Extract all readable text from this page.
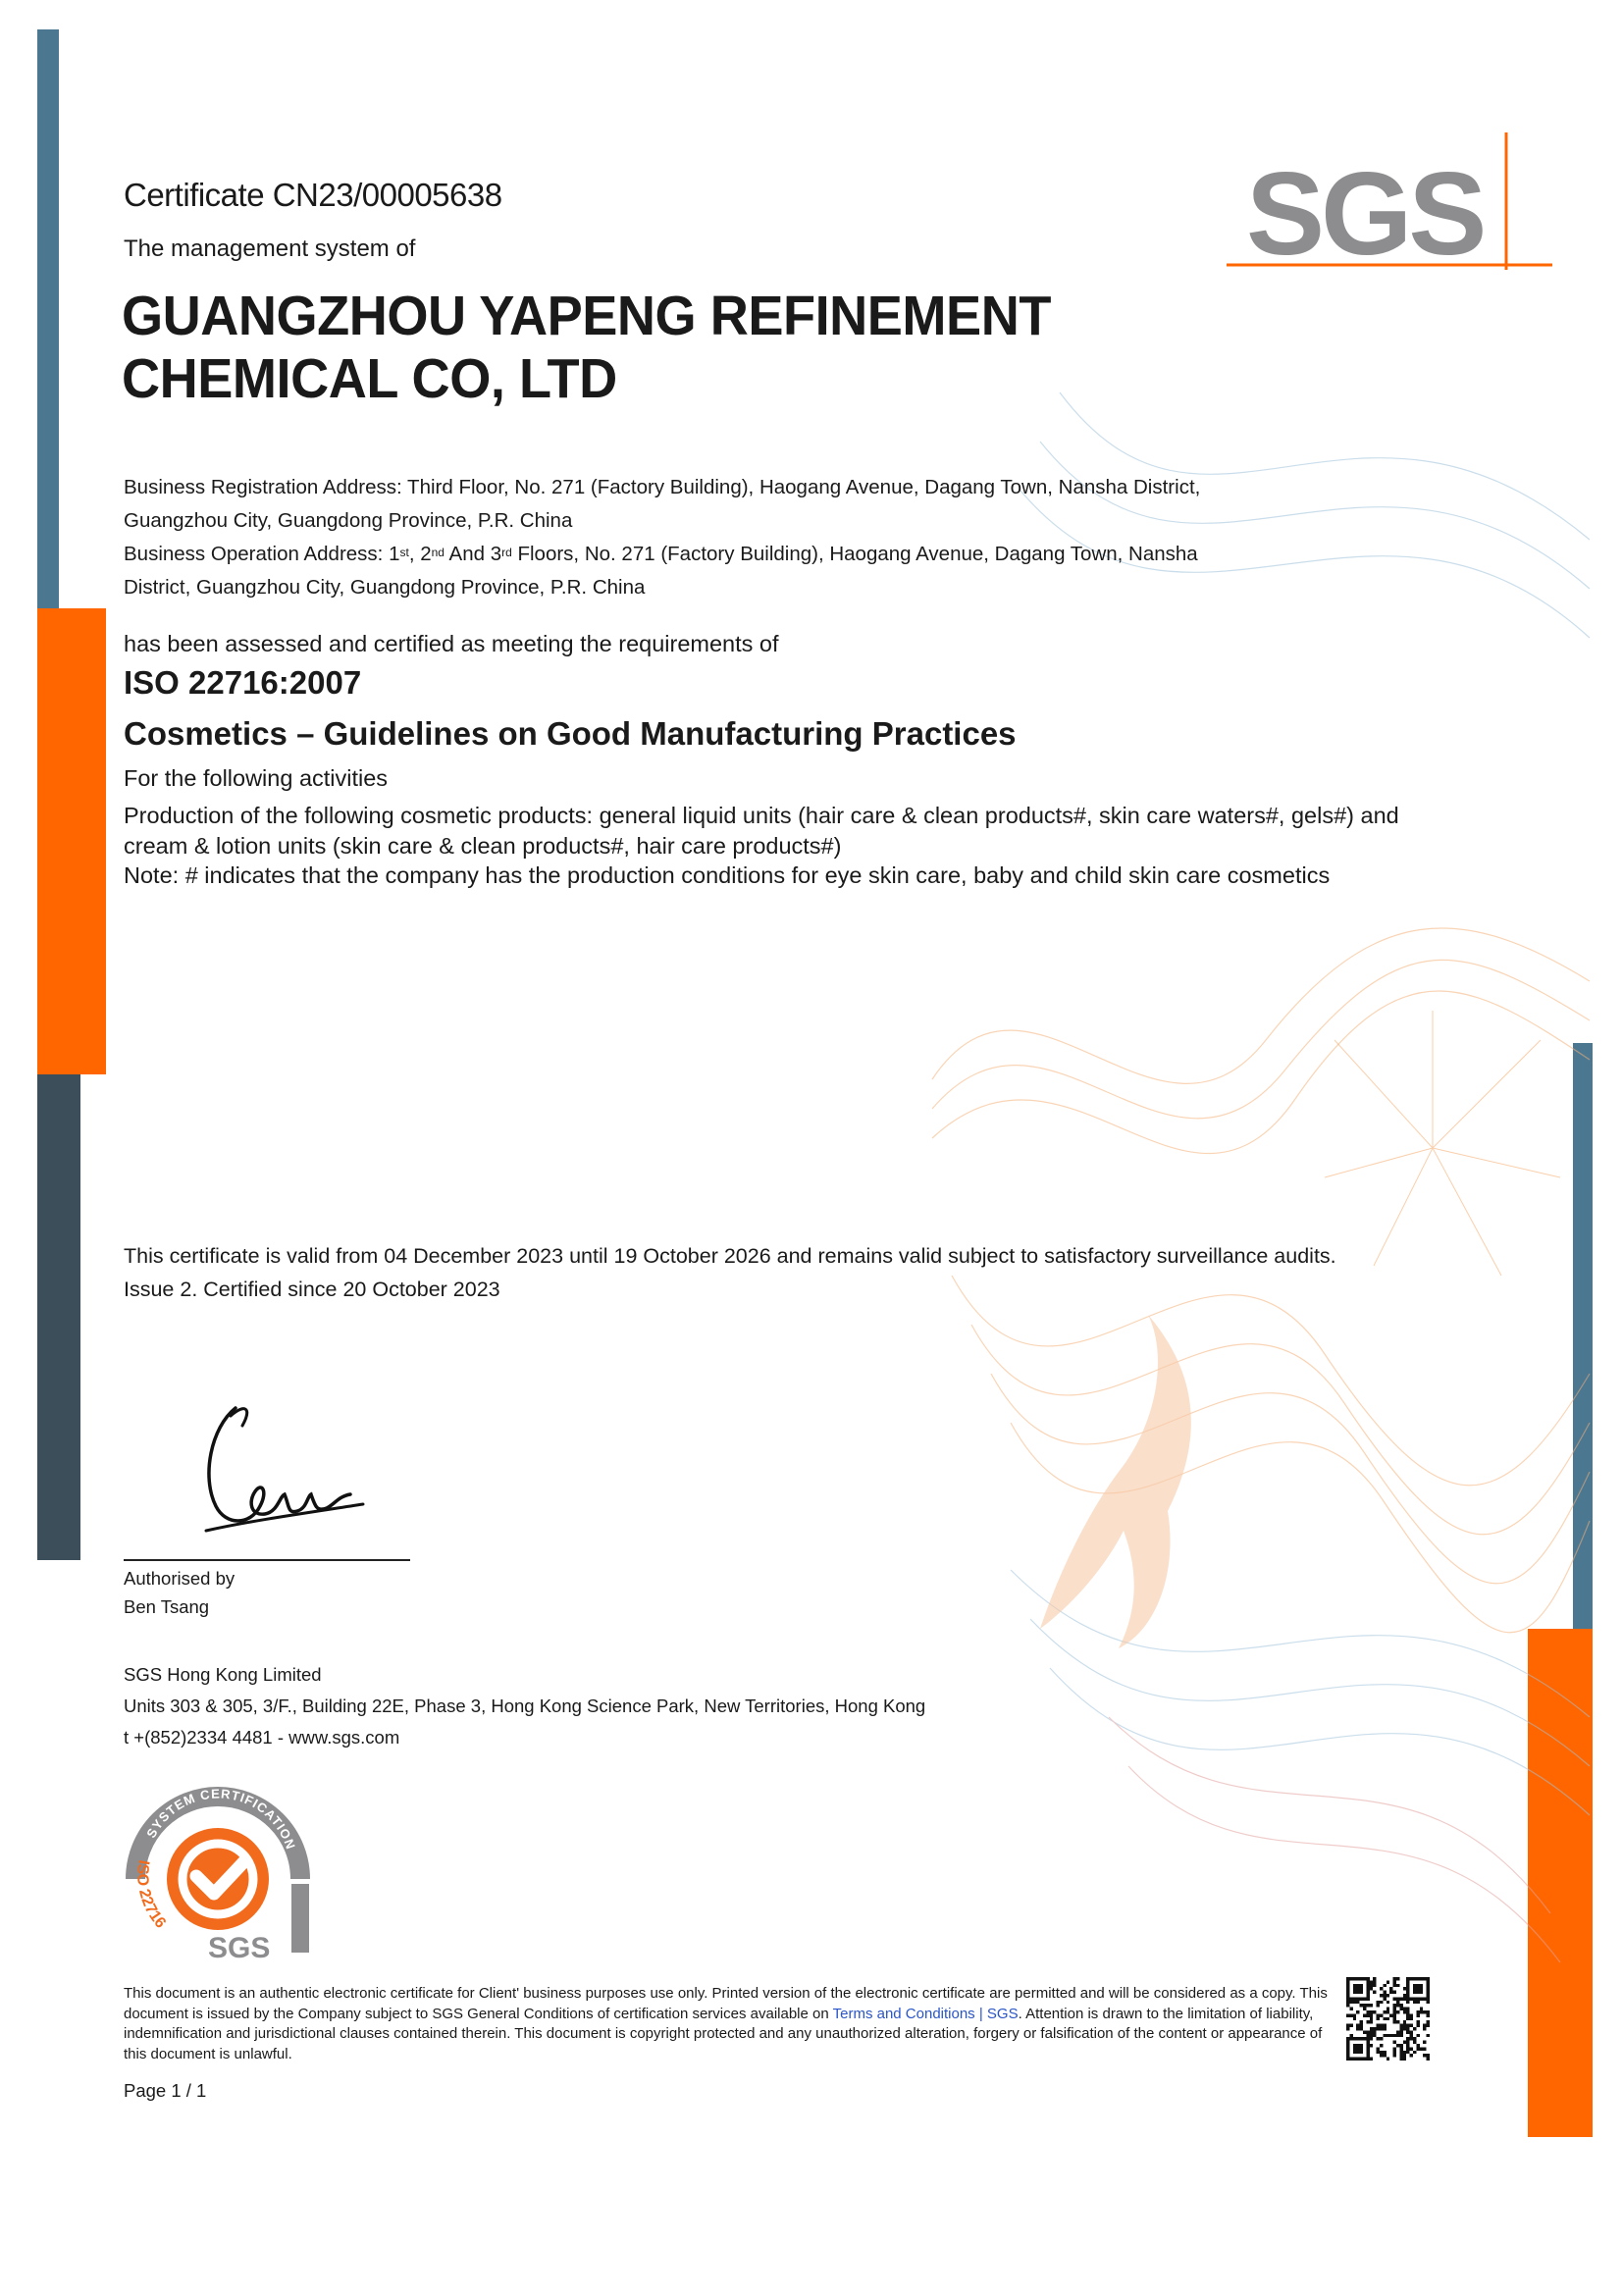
SGS
Certificate CN23/00005638
The management system of
GUANGZHOU YAPENG REFINEMENT
CHEMICAL CO, LTD
Business Registration Address: Third Floor, No. 271 (Factory Building), Haogang Avenue, Dagang Town, Nansha District,
Guangzhou City, Guangdong Province, P.R. China
Business Operation Address: 1st, 2nd And 3rd Floors, No. 271 (Factory Building), Haogang Avenue, Dagang Town, Nansha
District, Guangzhou City, Guangdong Province, P.R. China
has been assessed and certified as meeting the requirements of
ISO 22716:2007
Cosmetics – Guidelines on Good Manufacturing Practices
For the following activities
Production of the following cosmetic products: general liquid units (hair care & clean products#, skin care waters#, gels#) and cream & lotion units (skin care & clean products#, hair care products#)
Note: # indicates that the company has the production conditions for eye skin care, baby and child skin care cosmetics
This certificate is valid from 04 December 2023 until 19 October 2026 and remains valid subject to satisfactory surveillance audits.
Issue 2. Certified since 20 October 2023
Authorised by
Ben Tsang
SGS Hong Kong Limited
Units 303 & 305, 3/F., Building 22E, Phase 3, Hong Kong Science Park, New Territories, Hong Kong
t +(852)2334 4481 - www.sgs.com
SYSTEM CERTIFICATION
ISO 22716
SGS
This document is an authentic electronic certificate for Client' business purposes use only. Printed version of the electronic certificate are permitted and will be considered as a copy. This document is issued by the Company subject to SGS General Conditions of certification services available on Terms and Conditions | SGS. Attention is drawn to the limitation of liability, indemnification and jurisdictional clauses contained therein. This document is copyright protected and any unauthorized alteration, forgery or falsification of the content or appearance of this document is unlawful.
Page 1 / 1
